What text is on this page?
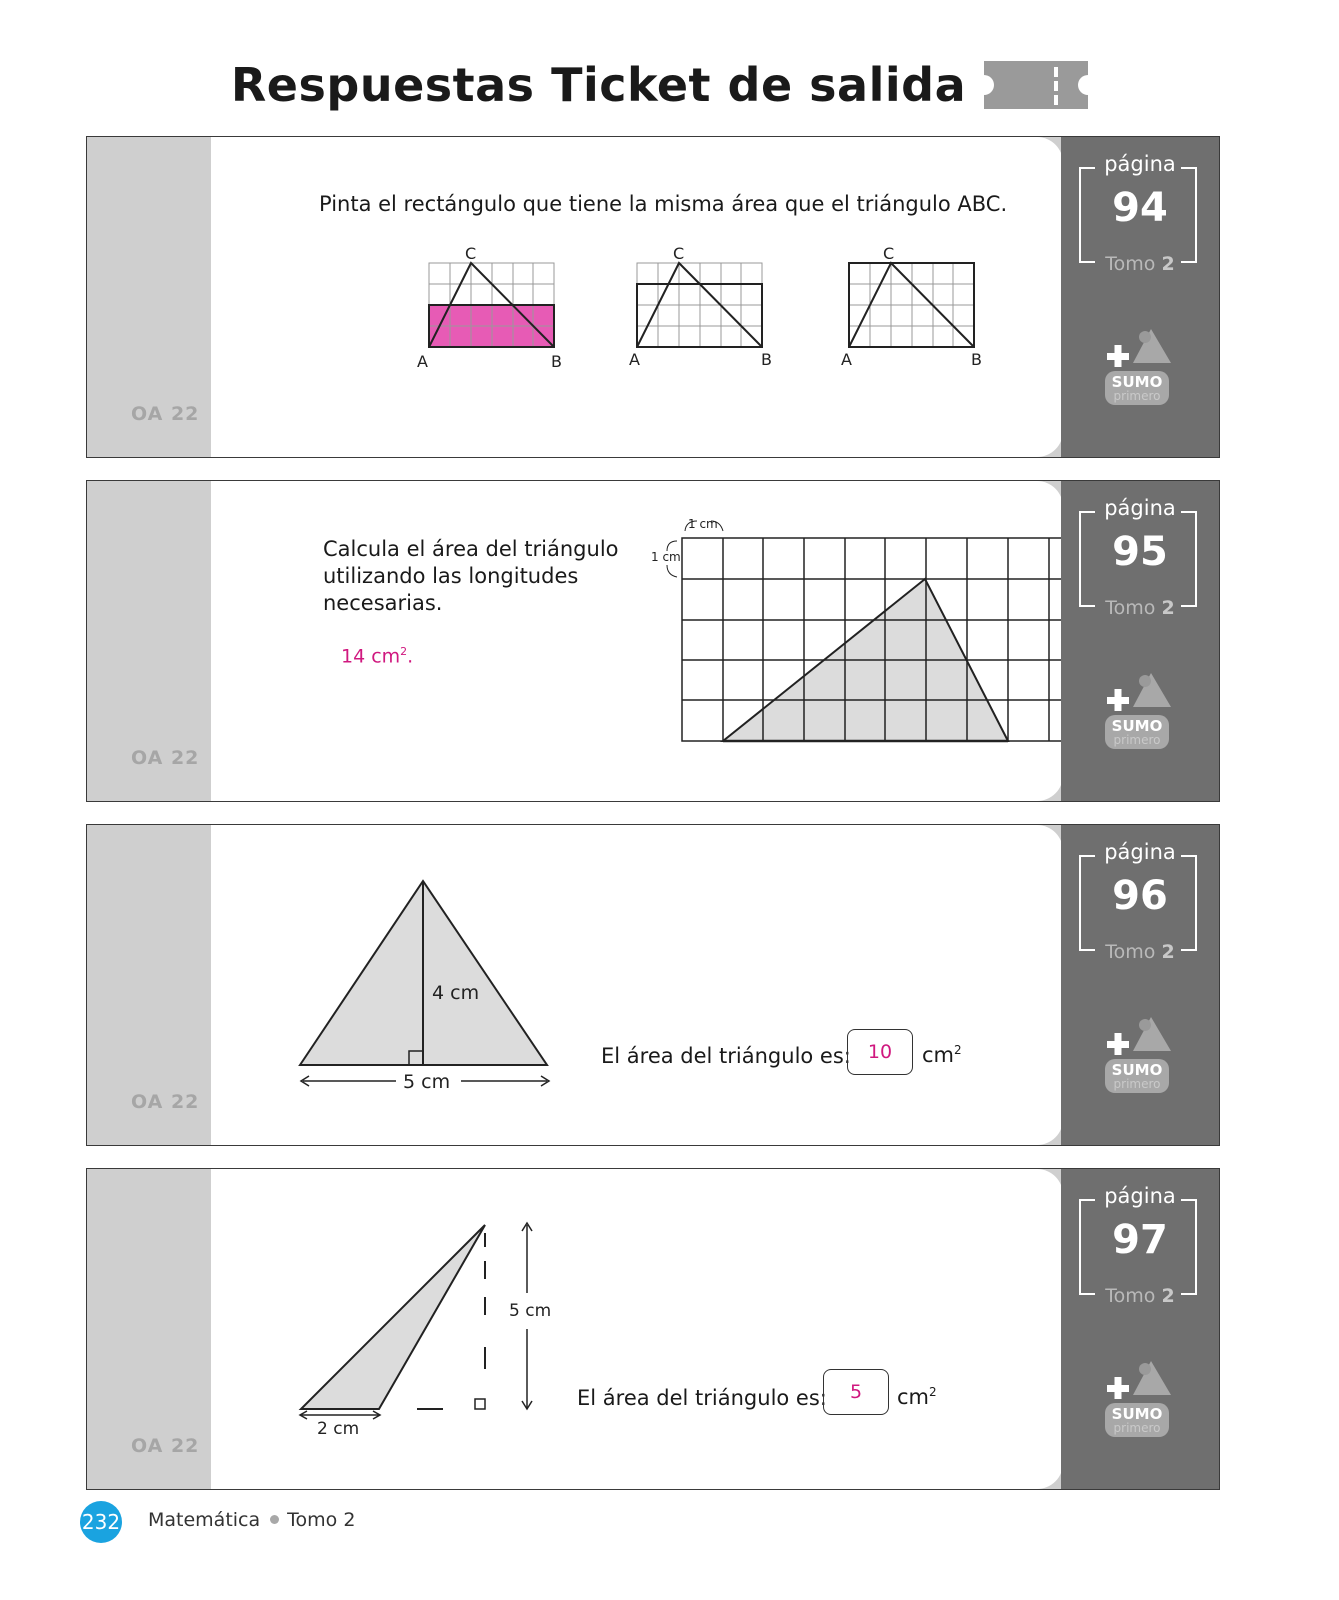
Respuestas Ticket de salida
Pinta el rectángulo que tiene la misma área que el triángulo ABC.
C
A	B
C
A	B
C
A	B
OA 22
página
94
Tomo 2
SUMO
primero
Calcula el área del triángulo
utilizando las longitudes
necesarias.
14 $cm^2$.
1 cm
1 cm
OA 22
página
95
Tomo 2
SUMO
primero
4 cm
5 cm
El área del triángulo es: 10	$cm^2$
OA 22
página
96
Tomo 2
SUMO
primero
5 cm
2 cm
El área del triángulo es:	5	$cm^2$
OA 22
página
97
Tomo 2
SUMO
primero
232 Matemática Tomo 2
